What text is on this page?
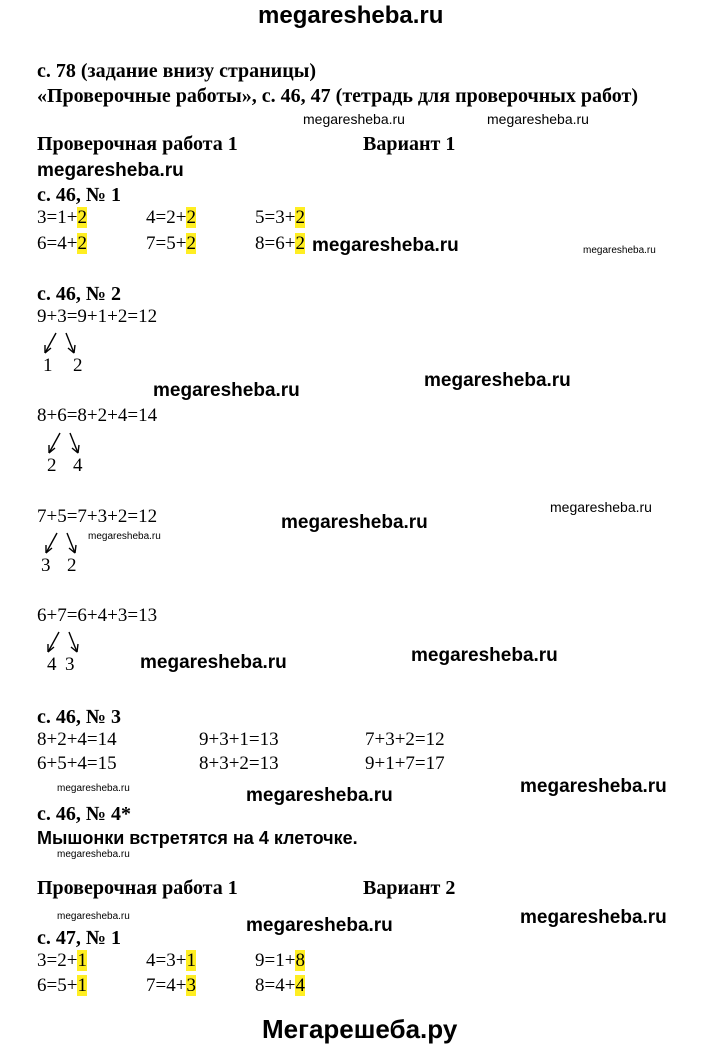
megaresheba.ru
с. 78 (задание внизу страницы)
«Проверочные работы», с. 46, 47 (тетрадь для проверочных работ)
megaresheba.ru	megaresheba.ru
Проверочная работа 1	Вариант 1
megaresheba.ru
с. 46, № 1
3=1+2	4=2+2	5=3+2
6=4+2	7=5+2	8=6+2 megaresheba.ru	megaresheba.ru
с. 46, № 2
9+3=9+1+2=12
1 2
megaresheba.ru	megaresheba.ru
8+6=8+2+4=14
2 4
megaresheba.ru
7+5=7+3+2=12
megaresheba.ru
megaresheba.ru
3 2
6+7=6+4+3=13
4 3	megaresheba.ru	megaresheba.ru
с. 46, № 3
8+2+4=14	9+3+1=13	7+3+2=12
6+5+4=15	8+3+2=13	9+1+7=17
megaresheba.ru	megaresheba.ru	megaresheba.ru
с. 46, № 4*
Мышонки встретятся на 4 клеточке.
megaresheba.ru
Проверочная работа 1	Вариант 2
megaresheba.ru	megaresheba.ru	megaresheba.ru
с. 47, № 1
3=2+1	4=3+1	9=1+8
6=5+1	7=4+3	8=4+4
Мегарешеба.ру
